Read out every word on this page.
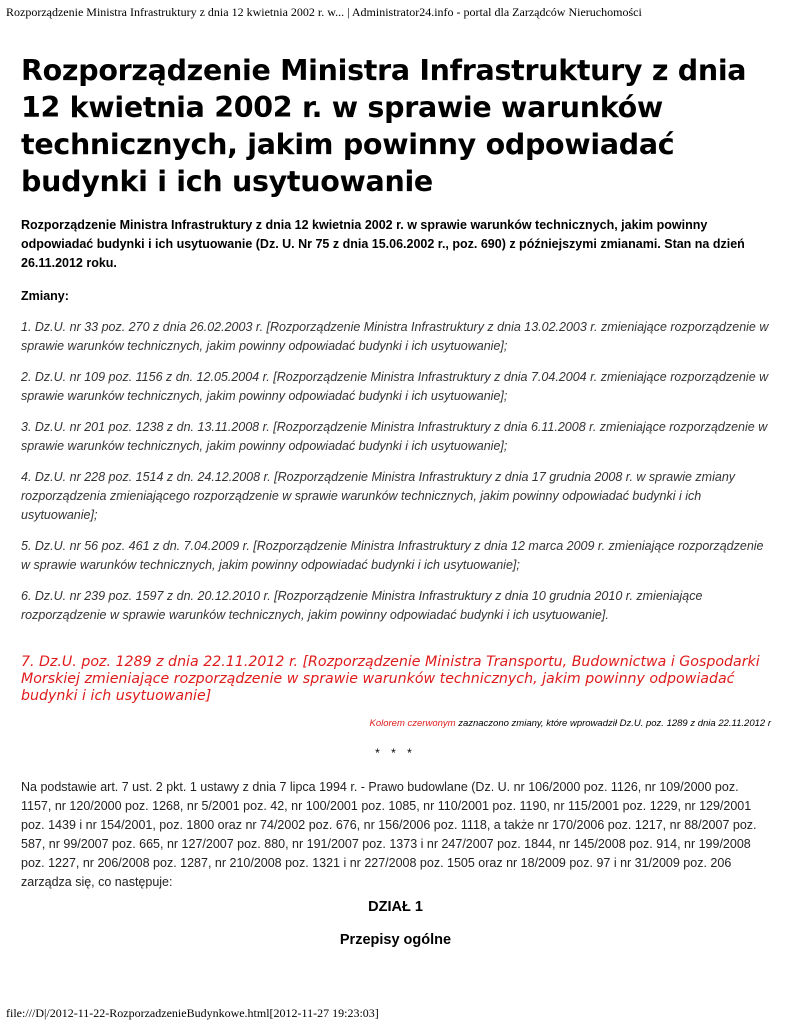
Rozporządzenie Ministra Infrastruktury z dnia 12 kwietnia 2002 r. w... | Administrator24.info - portal dla Zarządców Nieruchomości
Rozporządzenie Ministra Infrastruktury z dnia 12 kwietnia 2002 r. w sprawie warunków technicznych, jakim powinny odpowiadać budynki i ich usytuowanie
Rozporządzenie Ministra Infrastruktury z dnia 12 kwietnia 2002 r. w sprawie warunków technicznych, jakim powinny odpowiadać budynki i ich usytuowanie (Dz. U. Nr 75 z dnia 15.06.2002 r., poz. 690) z późniejszymi zmianami. Stan na dzień 26.11.2012 roku.
Zmiany:
1. Dz.U. nr 33 poz. 270 z dnia 26.02.2003 r. [Rozporządzenie Ministra Infrastruktury z dnia 13.02.2003 r. zmieniające rozporządzenie w sprawie warunków technicznych, jakim powinny odpowiadać budynki i ich usytuowanie];
2. Dz.U. nr 109 poz. 1156 z dn. 12.05.2004 r. [Rozporządzenie Ministra Infrastruktury z dnia 7.04.2004 r. zmieniające rozporządzenie w sprawie warunków technicznych, jakim powinny odpowiadać budynki i ich usytuowanie];
3. Dz.U. nr 201 poz. 1238 z dn. 13.11.2008 r. [Rozporządzenie Ministra Infrastruktury z dnia 6.11.2008 r. zmieniające rozporządzenie w sprawie warunków technicznych, jakim powinny odpowiadać budynki i ich usytuowanie];
4. Dz.U. nr 228 poz. 1514 z dn. 24.12.2008 r. [Rozporządzenie Ministra Infrastruktury z dnia 17 grudnia 2008 r. w sprawie zmiany rozporządzenia zmieniającego rozporządzenie w sprawie warunków technicznych, jakim powinny odpowiadać budynki i ich usytuowanie];
5. Dz.U. nr 56 poz. 461 z dn. 7.04.2009 r. [Rozporządzenie Ministra Infrastruktury z dnia 12 marca 2009 r. zmieniające rozporządzenie w sprawie warunków technicznych, jakim powinny odpowiadać budynki i ich usytuowanie];
6. Dz.U. nr 239 poz. 1597 z dn. 20.12.2010 r. [Rozporządzenie Ministra Infrastruktury z dnia 10 grudnia 2010 r. zmieniające rozporządzenie w sprawie warunków technicznych, jakim powinny odpowiadać budynki i ich usytuowanie].
7. Dz.U. poz. 1289 z dnia 22.11.2012 r. [Rozporządzenie Ministra Transportu, Budownictwa i Gospodarki Morskiej zmieniające rozporządzenie w sprawie warunków technicznych, jakim powinny odpowiadać budynki i ich usytuowanie]
Kolorem czerwonym zaznaczono zmiany, które wprowadził Dz.U. poz. 1289 z dnia 22.11.2012 r
* * *
Na podstawie art. 7 ust. 2 pkt. 1 ustawy z dnia 7 lipca 1994 r. - Prawo budowlane (Dz. U. nr 106/2000 poz. 1126, nr 109/2000 poz. 1157, nr 120/2000 poz. 1268, nr 5/2001 poz. 42, nr 100/2001 poz. 1085, nr 110/2001 poz. 1190, nr 115/2001 poz. 1229, nr 129/2001 poz. 1439 i nr 154/2001, poz. 1800 oraz nr 74/2002 poz. 676, nr 156/2006 poz. 1118, a także nr 170/2006 poz. 1217, nr 88/2007 poz. 587, nr 99/2007 poz. 665, nr 127/2007 poz. 880, nr 191/2007 poz. 1373 i nr 247/2007 poz. 1844, nr 145/2008 poz. 914, nr 199/2008 poz. 1227, nr 206/2008 poz. 1287, nr 210/2008 poz. 1321 i nr 227/2008 poz. 1505 oraz nr 18/2009 poz. 97 i nr 31/2009 poz. 206 zarządza się, co następuje:
DZIAŁ 1
Przepisy ogólne
file:///D|/2012-11-22-RozporzadzenieBudynkowe.html[2012-11-27 19:23:03]
